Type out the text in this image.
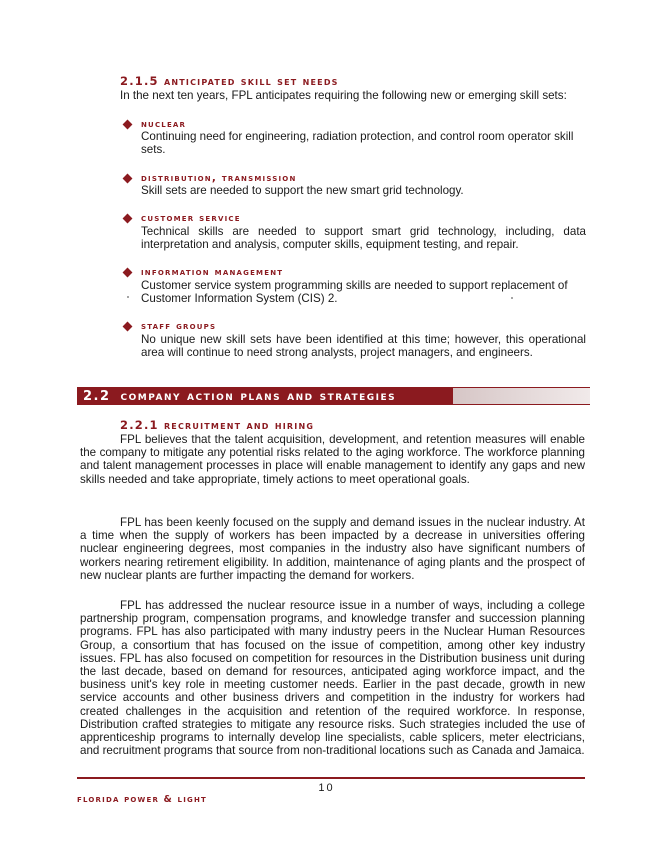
2.1.5 anticipated skill set needs
In the next ten years, FPL anticipates requiring the following new or emerging skill sets:
nuclear
Continuing need for engineering, radiation protection, and control room operator skill sets.
distribution, transmission
Skill sets are needed to support the new smart grid technology.
customer service
Technical skills are needed to support smart grid technology, including, data interpretation and analysis, computer skills, equipment testing, and repair.
information management
Customer service system programming skills are needed to support replacement of Customer Information System (CIS) 2.
staff groups
No unique new skill sets have been identified at this time; however, this operational area will continue to need strong analysts, project managers, and engineers.
2.2 company action plans and strategies
2.2.1 recruitment and hiring
FPL believes that the talent acquisition, development, and retention measures will enable the company to mitigate any potential risks related to the aging workforce. The workforce planning and talent management processes in place will enable management to identify any gaps and new skills needed and take appropriate, timely actions to meet operational goals.
FPL has been keenly focused on the supply and demand issues in the nuclear industry. At a time when the supply of workers has been impacted by a decrease in universities offering nuclear engineering degrees, most companies in the industry also have significant numbers of workers nearing retirement eligibility. In addition, maintenance of aging plants and the prospect of new nuclear plants are further impacting the demand for workers.
FPL has addressed the nuclear resource issue in a number of ways, including a college partnership program, compensation programs, and knowledge transfer and succession planning programs. FPL has also participated with many industry peers in the Nuclear Human Resources Group, a consortium that has focused on the issue of competition, among other key industry issues. FPL has also focused on competition for resources in the Distribution business unit during the last decade, based on demand for resources, anticipated aging workforce impact, and the business unit's key role in meeting customer needs. Earlier in the past decade, growth in new service accounts and other business drivers and competition in the industry for workers had created challenges in the acquisition and retention of the required workforce. In response, Distribution crafted strategies to mitigate any resource risks. Such strategies included the use of apprenticeship programs to internally develop line specialists, cable splicers, meter electricians, and recruitment programs that source from non-traditional locations such as Canada and Jamaica.
10
florida power & light
